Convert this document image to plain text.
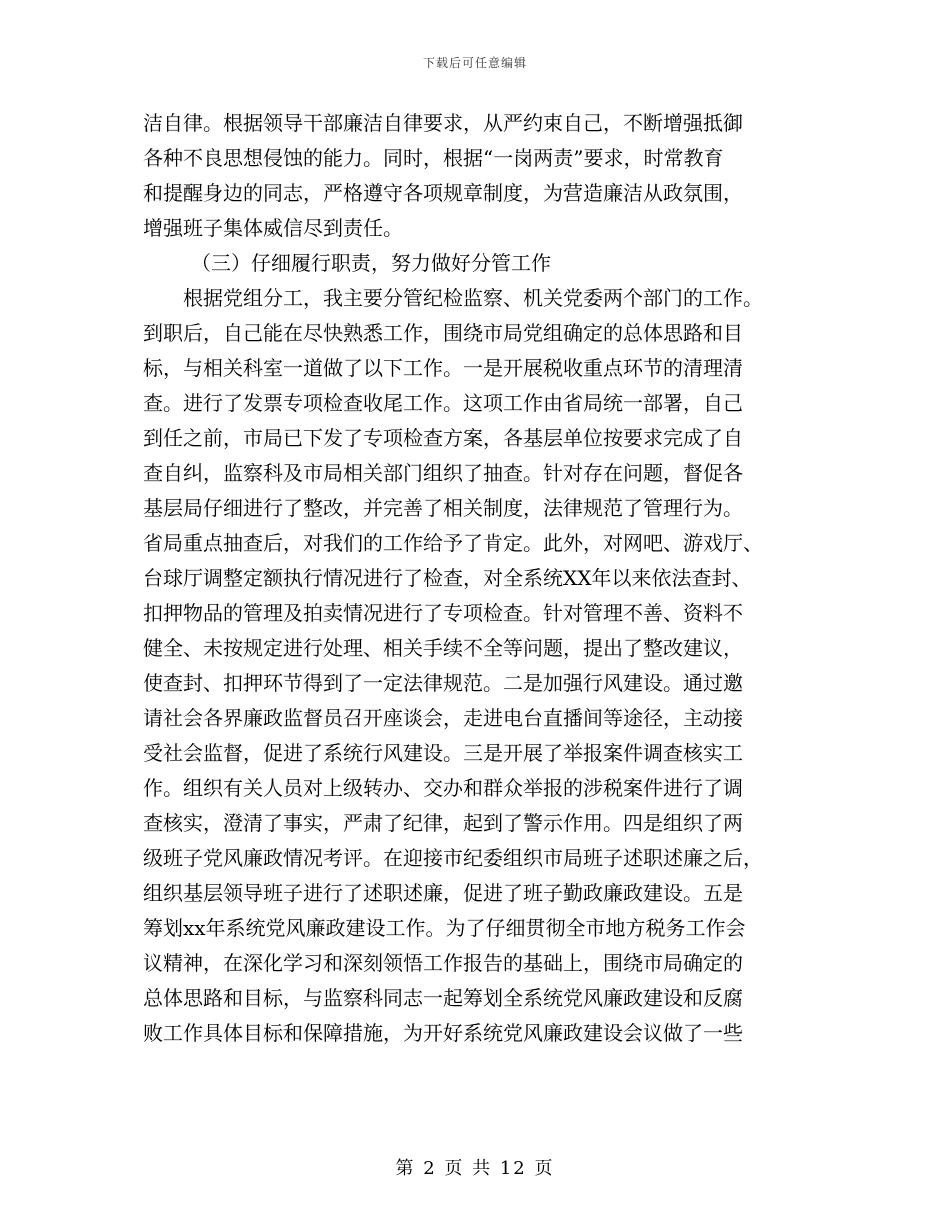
下载后可任意编辑
洁自律。根据领导干部廉洁自律要求，从严约束自己，不断增强抵御
各种不良思想侵蚀的能力。同时，根据“一岗两责”要求，时常教育
和提醒身边的同志，严格遵守各项规章制度，为营造廉洁从政氛围，
增强班子集体威信尽到责任。
（三）仔细履行职责，努力做好分管工作
根据党组分工，我主要分管纪检监察、机关党委两个部门的工作。
到职后，自己能在尽快熟悉工作，围绕市局党组确定的总体思路和目
标，与相关科室一道做了以下工作。一是开展税收重点环节的清理清
查。进行了发票专项检查收尾工作。这项工作由省局统一部署，自己
到任之前，市局已下发了专项检查方案，各基层单位按要求完成了自
查自纠，监察科及市局相关部门组织了抽查。针对存在问题，督促各
基层局仔细进行了整改，并完善了相关制度，法律规范了管理行为。
省局重点抽查后，对我们的工作给予了肯定。此外，对网吧、游戏厅、
台球厅调整定额执行情况进行了检查，对全系统XX年以来依法查封、
扣押物品的管理及拍卖情况进行了专项检查。针对管理不善、资料不
健全、未按规定进行处理、相关手续不全等问题，提出了整改建议，
使查封、扣押环节得到了一定法律规范。二是加强行风建设。通过邀
请社会各界廉政监督员召开座谈会，走进电台直播间等途径，主动接
受社会监督，促进了系统行风建设。三是开展了举报案件调查核实工
作。组织有关人员对上级转办、交办和群众举报的涉税案件进行了调
查核实，澄清了事实，严肃了纪律，起到了警示作用。四是组织了两
级班子党风廉政情况考评。在迎接市纪委组织市局班子述职述廉之后，
组织基层领导班子进行了述职述廉，促进了班子勤政廉政建设。五是
筹划xx年系统党风廉政建设工作。为了仔细贯彻全市地方税务工作会
议精神，在深化学习和深刻领悟工作报告的基础上，围绕市局确定的
总体思路和目标，与监察科同志一起筹划全系统党风廉政建设和反腐
败工作具体目标和保障措施，为开好系统党风廉政建设会议做了一些
第 2 页 共 12 页
